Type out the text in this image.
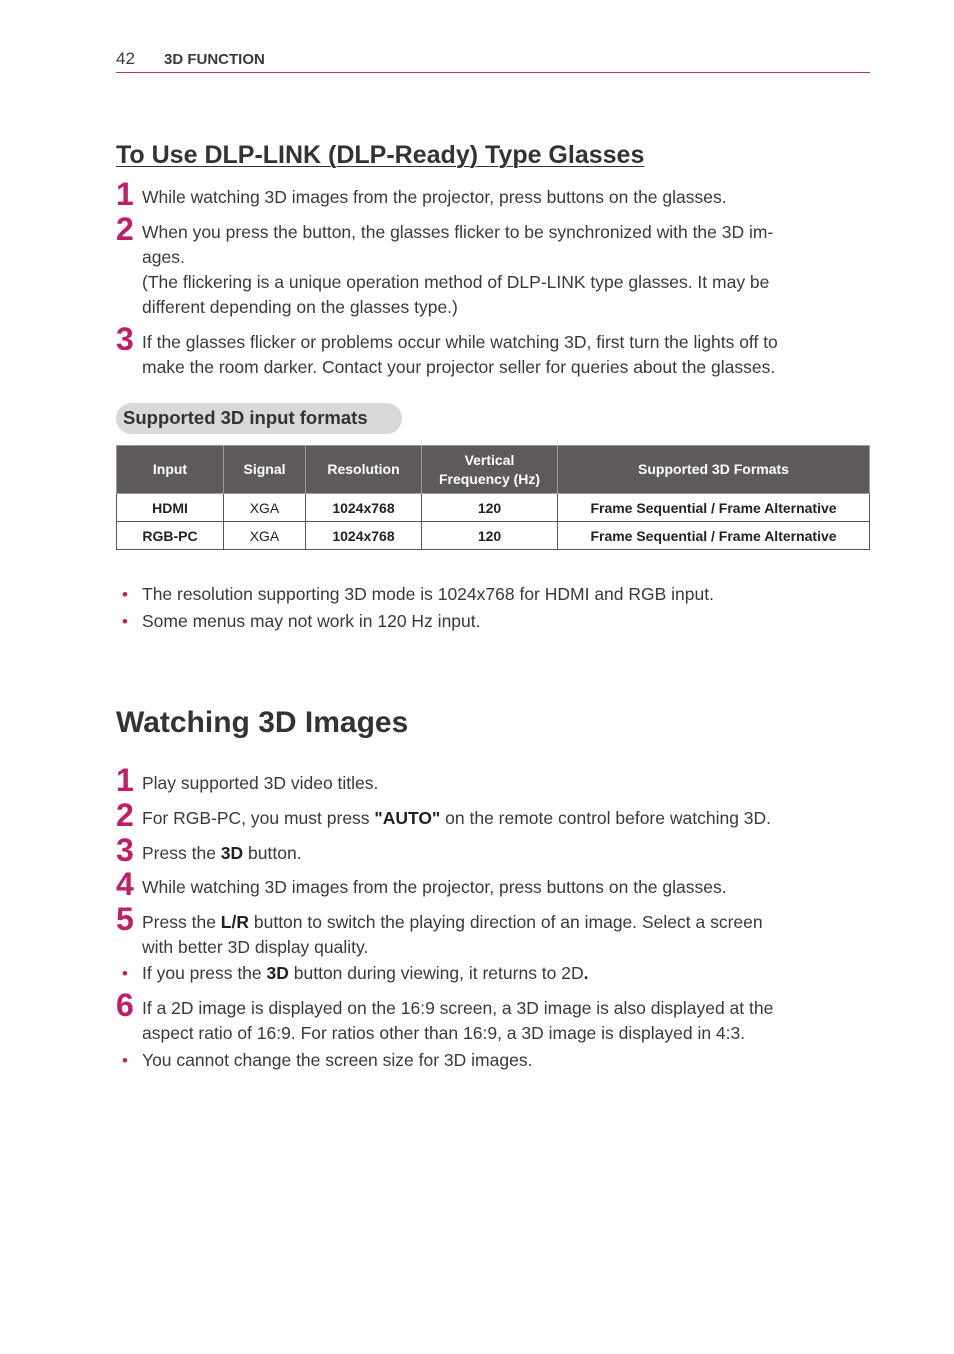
42 3D FUNCTION
To Use DLP-LINK (DLP-Ready) Type Glasses
1 While watching 3D images from the projector, press buttons on the glasses.
2 When you press the button, the glasses flicker to be synchronized with the 3D im-
ages.
(The flickering is a unique operation method of DLP-LINK type glasses. It may be
different depending on the glasses type.)
3 If the glasses flicker or problems occur while watching 3D, first turn the lights off to
make the room darker. Contact your projector seller for queries about the glasses.
Supported 3D input formats
Input	Signal	Resolution	Vertical
Frequency (Hz)	Supported 3D Formats
HDMI	XGA	1024x768	120	Frame Sequential / Frame Alternative
RGB-PC	XGA	1024x768	120	Frame Sequential / Frame Alternative
• The resolution supporting 3D mode is 1024x768 for HDMI and RGB input.
• Some menus may not work in 120 Hz input.
Watching 3D Images
1 Play supported 3D video titles.
2 For RGB-PC, you must press "AUTO" on the remote control before watching 3D.
3 Press the 3D button.
4 While watching 3D images from the projector, press buttons on the glasses.
5 Press the L/R button to switch the playing direction of an image. Select a screen
with better 3D display quality.
• If you press the 3D button during viewing, it returns to 2D.
6 If a 2D image is displayed on the 16:9 screen, a 3D image is also displayed at the
aspect ratio of 16:9. For ratios other than 16:9, a 3D image is displayed in 4:3.
• You cannot change the screen size for 3D images.
